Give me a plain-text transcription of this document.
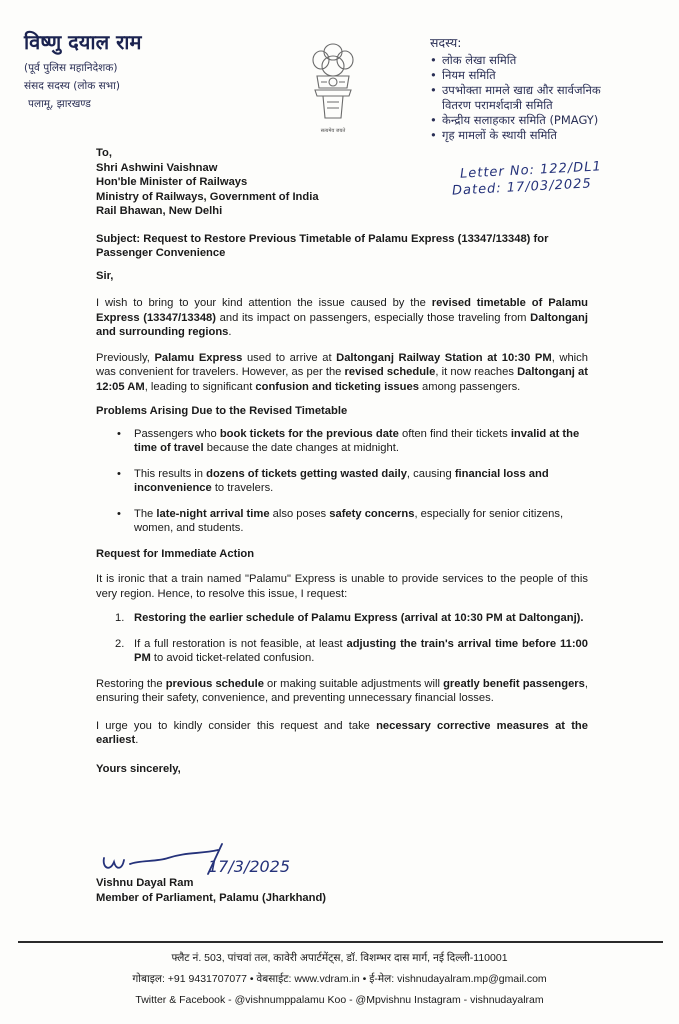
विष्णु दयाल राम
(पूर्व पुलिस महानिदेशक)
संसद सदस्य (लोक सभा)
पलामू, झारखण्ड
सत्यमेव जयते
सदस्य:
• लोक लेखा समिति
• नियम समिति
• उपभोक्ता मामले खाद्य और सार्वजनिक
वितरण परामर्शदात्री समिति
• केन्द्रीय सलाहकार समिति (PMAGY)
• गृह मामलों के स्थायी समिति
Letter No: 122/DL1
Dated: 17/03/2025
To,
Shri Ashwini Vaishnaw
Hon'ble Minister of Railways
Ministry of Railways, Government of India
Rail Bhawan, New Delhi

Subject: Request to Restore Previous Timetable of Palamu Express (13347/13348) for Passenger Convenience

Sir,

I wish to bring to your kind attention the issue caused by the revised timetable of Palamu Express (13347/13348) and its impact on passengers, especially those traveling from Daltonganj and surrounding regions.

Previously, Palamu Express used to arrive at Daltonganj Railway Station at 10:30 PM, which was convenient for travelers. However, as per the revised schedule, it now reaches Daltonganj at 12:05 AM, leading to significant confusion and ticketing issues among passengers.

Problems Arising Due to the Revised Timetable
• Passengers who book tickets for the previous date often find their tickets invalid at the time of travel because the date changes at midnight.
• This results in dozens of tickets getting wasted daily, causing financial loss and inconvenience to travelers.
• The late-night arrival time also poses safety concerns, especially for senior citizens, women, and students.
Request for Immediate Action

It is ironic that a train named "Palamu" Express is unable to provide services to the people of this very region. Hence, to resolve this issue, I request:

1. Restoring the earlier schedule of Palamu Express (arrival at 10:30 PM at Daltonganj).
2. If a full restoration is not feasible, at least adjusting the train's arrival time before 11:00 PM to avoid ticket-related confusion.

Restoring the previous schedule or making suitable adjustments will greatly benefit passengers, ensuring their safety, convenience, and preventing unnecessary financial losses.

I urge you to kindly consider this request and take necessary corrective measures at the earliest.

Yours sincerely,
17/3/2025
Vishnu Dayal Ram
Member of Parliament, Palamu (Jharkhand)
फ्लैट नं. 503, पांचवां तल, कावेरी अपार्टमेंट्स, डॉ. विशम्भर दास मार्ग, नई दिल्ली-110001
गोबाइल: +91 9431707077 • वेबसाईट: www.vdram.in • ई-मेल: vishnudayalram.mp@gmail.com
Twitter & Facebook - @vishnumppalamu Koo - @Mpvishnu Instagram - vishnudayalram
